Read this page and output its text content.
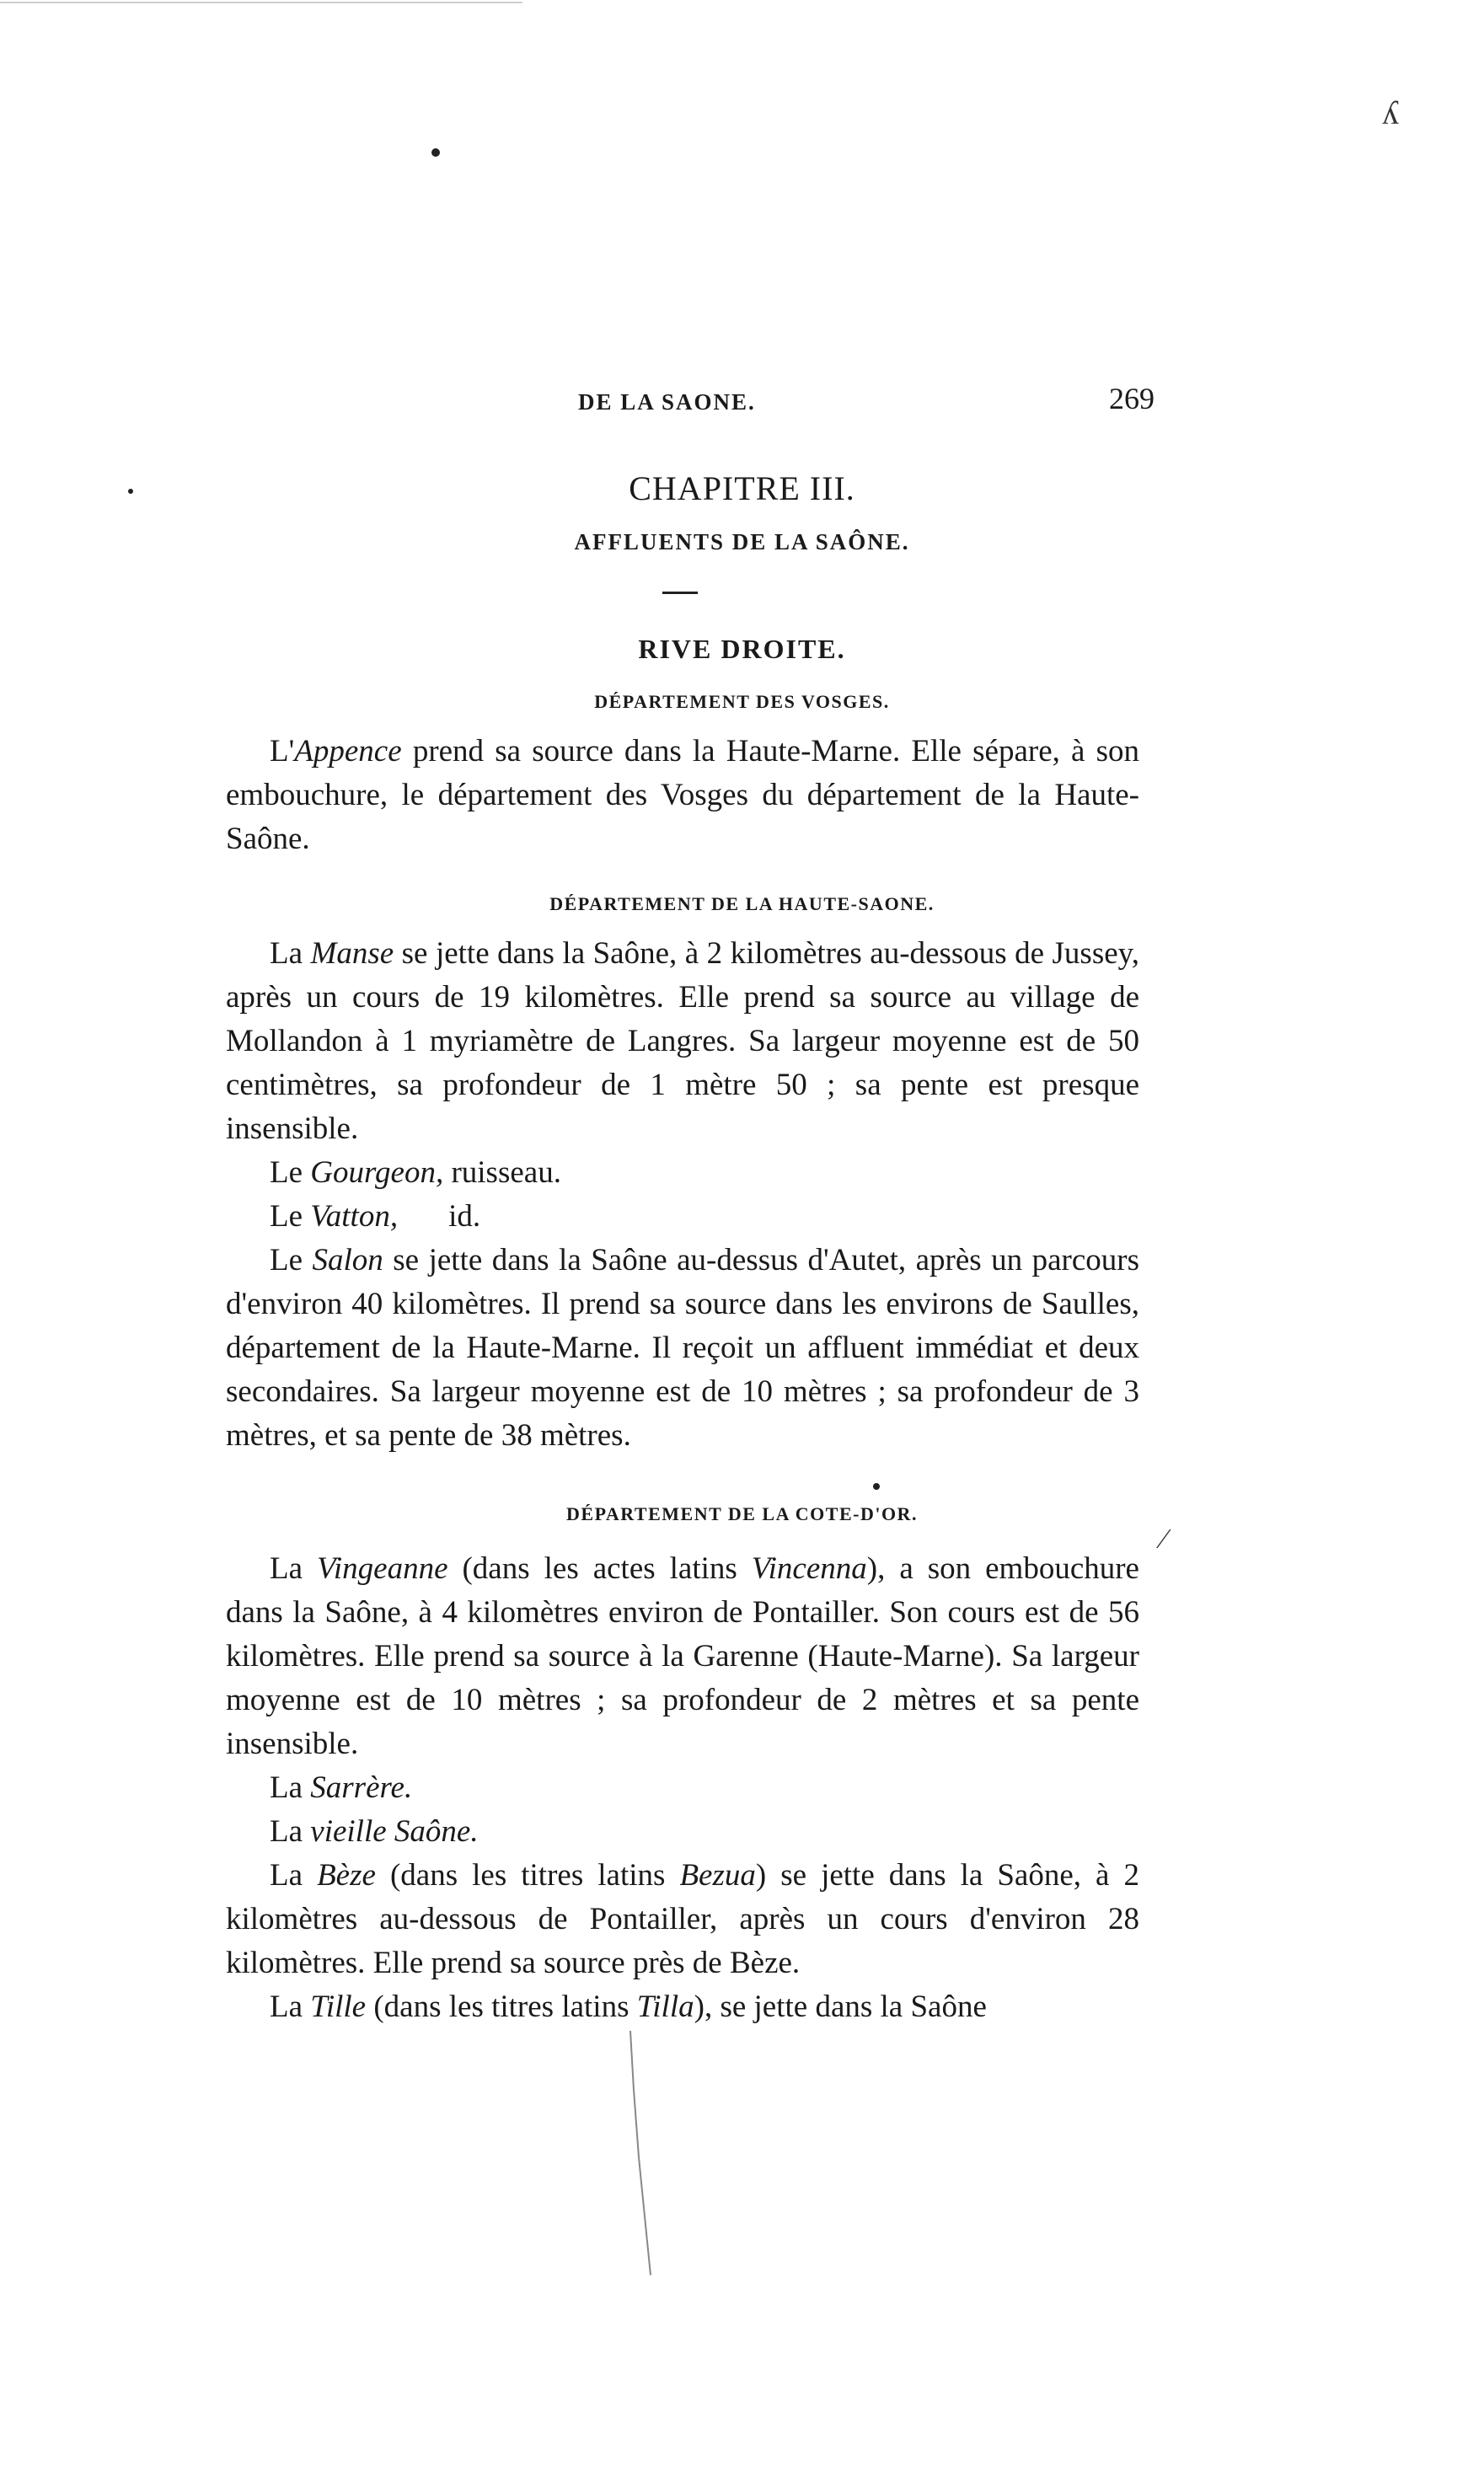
ʎ
DE LA SAONE.	269
CHAPITRE III.
AFFLUENTS DE LA SAÔNE.
RIVE DROITE.
DÉPARTEMENT DES VOSGES.

L'Appence prend sa source dans la Haute-Marne. Elle sépare, à son embouchure, le département des Vosges du département de la Haute-Saône.

DÉPARTEMENT DE LA HAUTE-SAONE.

La Manse se jette dans la Saône, à 2 kilomètres au-dessous de Jussey, après un cours de 19 kilomètres. Elle prend sa source au village de Mollandon à 1 myriamètre de Langres. Sa largeur moyenne est de 50 centimètres, sa profondeur de 1 mètre 50 ; sa pente est presque insensible.

Le Gourgeon, ruisseau.

Le Vatton, id.

Le Salon se jette dans la Saône au-dessus d'Autet, après un parcours d'environ 40 kilomètres. Il prend sa source dans les environs de Saulles, département de la Haute-Marne. Il reçoit un affluent immédiat et deux secondaires. Sa largeur moyenne est de 10 mètres ; sa profondeur de 3 mètres, et sa pente de 38 mètres.

DÉPARTEMENT DE LA COTE-D'OR.

La Vingeanne (dans les actes latins Vincenna), a son embouchure dans la Saône, à 4 kilomètres environ de Pontailler. Son cours est de 56 kilomètres. Elle prend sa source à la Garenne (Haute-Marne). Sa largeur moyenne est de 10 mètres ; sa profondeur de 2 mètres et sa pente insensible.

⁄

La Sarrère.

La vieille Saône.

La Bèze (dans les titres latins Bezua) se jette dans la Saône, à 2 kilomètres au-dessous de Pontailler, après un cours d'environ 28 kilomètres. Elle prend sa source près de Bèze.

La Tille (dans les titres latins Tilla), se jette dans la Saône
